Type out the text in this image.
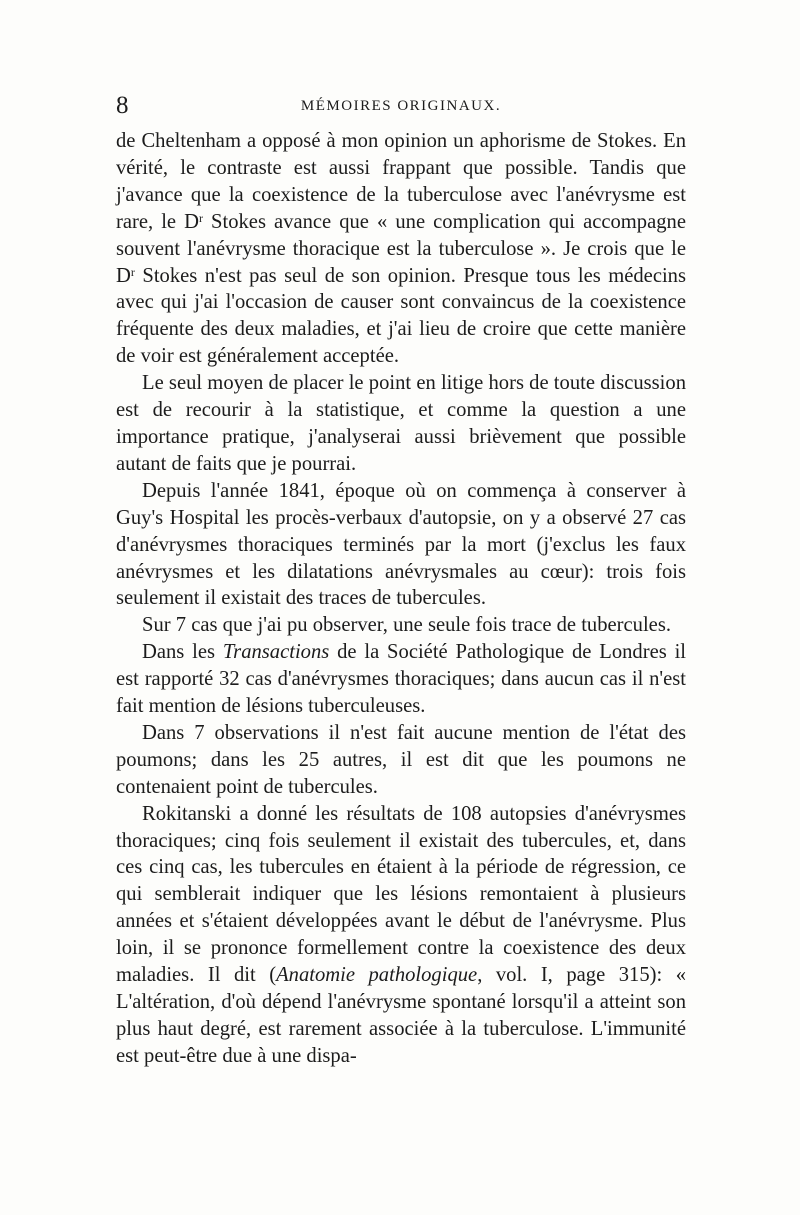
8	MÉMOIRES ORIGINAUX.

de Cheltenham a opposé à mon opinion un aphorisme de Stokes. En vérité, le contraste est aussi frappant que possible. Tandis que j'avance que la coexistence de la tuberculose avec l'anévrysme est rare, le $D^r$ Stokes avance que « une complication qui accompagne souvent l'anévrysme thoracique est la tuberculose ». Je crois que le $D^r$ Stokes n'est pas seul de son opinion. Presque tous les médecins avec qui j'ai l'occasion de causer sont convaincus de la coexistence fréquente des deux maladies, et j'ai lieu de croire que cette manière de voir est généralement acceptée.

Le seul moyen de placer le point en litige hors de toute discussion est de recourir à la statistique, et comme la question a une importance pratique, j'analyserai aussi brièvement que possible autant de faits que je pourrai.

Depuis l'année 1841, époque où on commença à conserver à Guy's Hospital les procès-verbaux d'autopsie, on y a observé 27 cas d'anévrysmes thoraciques terminés par la mort (j'exclus les faux anévrysmes et les dilatations anévrysmales au cœur): trois fois seulement il existait des traces de tubercules.

Sur 7 cas que j'ai pu observer, une seule fois trace de tubercules.

Dans les Transactions de la Société Pathologique de Londres il est rapporté 32 cas d'anévrysmes thoraciques; dans aucun cas il n'est fait mention de lésions tuberculeuses.

Dans 7 observations il n'est fait aucune mention de l'état des poumons; dans les 25 autres, il est dit que les poumons ne contenaient point de tubercules.

Rokitanski a donné les résultats de 108 autopsies d'anévrysmes thoraciques; cinq fois seulement il existait des tubercules, et, dans ces cinq cas, les tubercules en étaient à la période de régression, ce qui semblerait indiquer que les lésions remontaient à plusieurs années et s'étaient développées avant le début de l'anévrysme. Plus loin, il se prononce formellement contre la coexistence des deux maladies. Il dit (Anatomie pathologique, vol. I, page 315): « L'altération, d'où dépend l'anévrysme spontané lorsqu'il a atteint son plus haut degré, est rarement associée à la tuberculose. L'immunité est peut-être due à une dispa-
